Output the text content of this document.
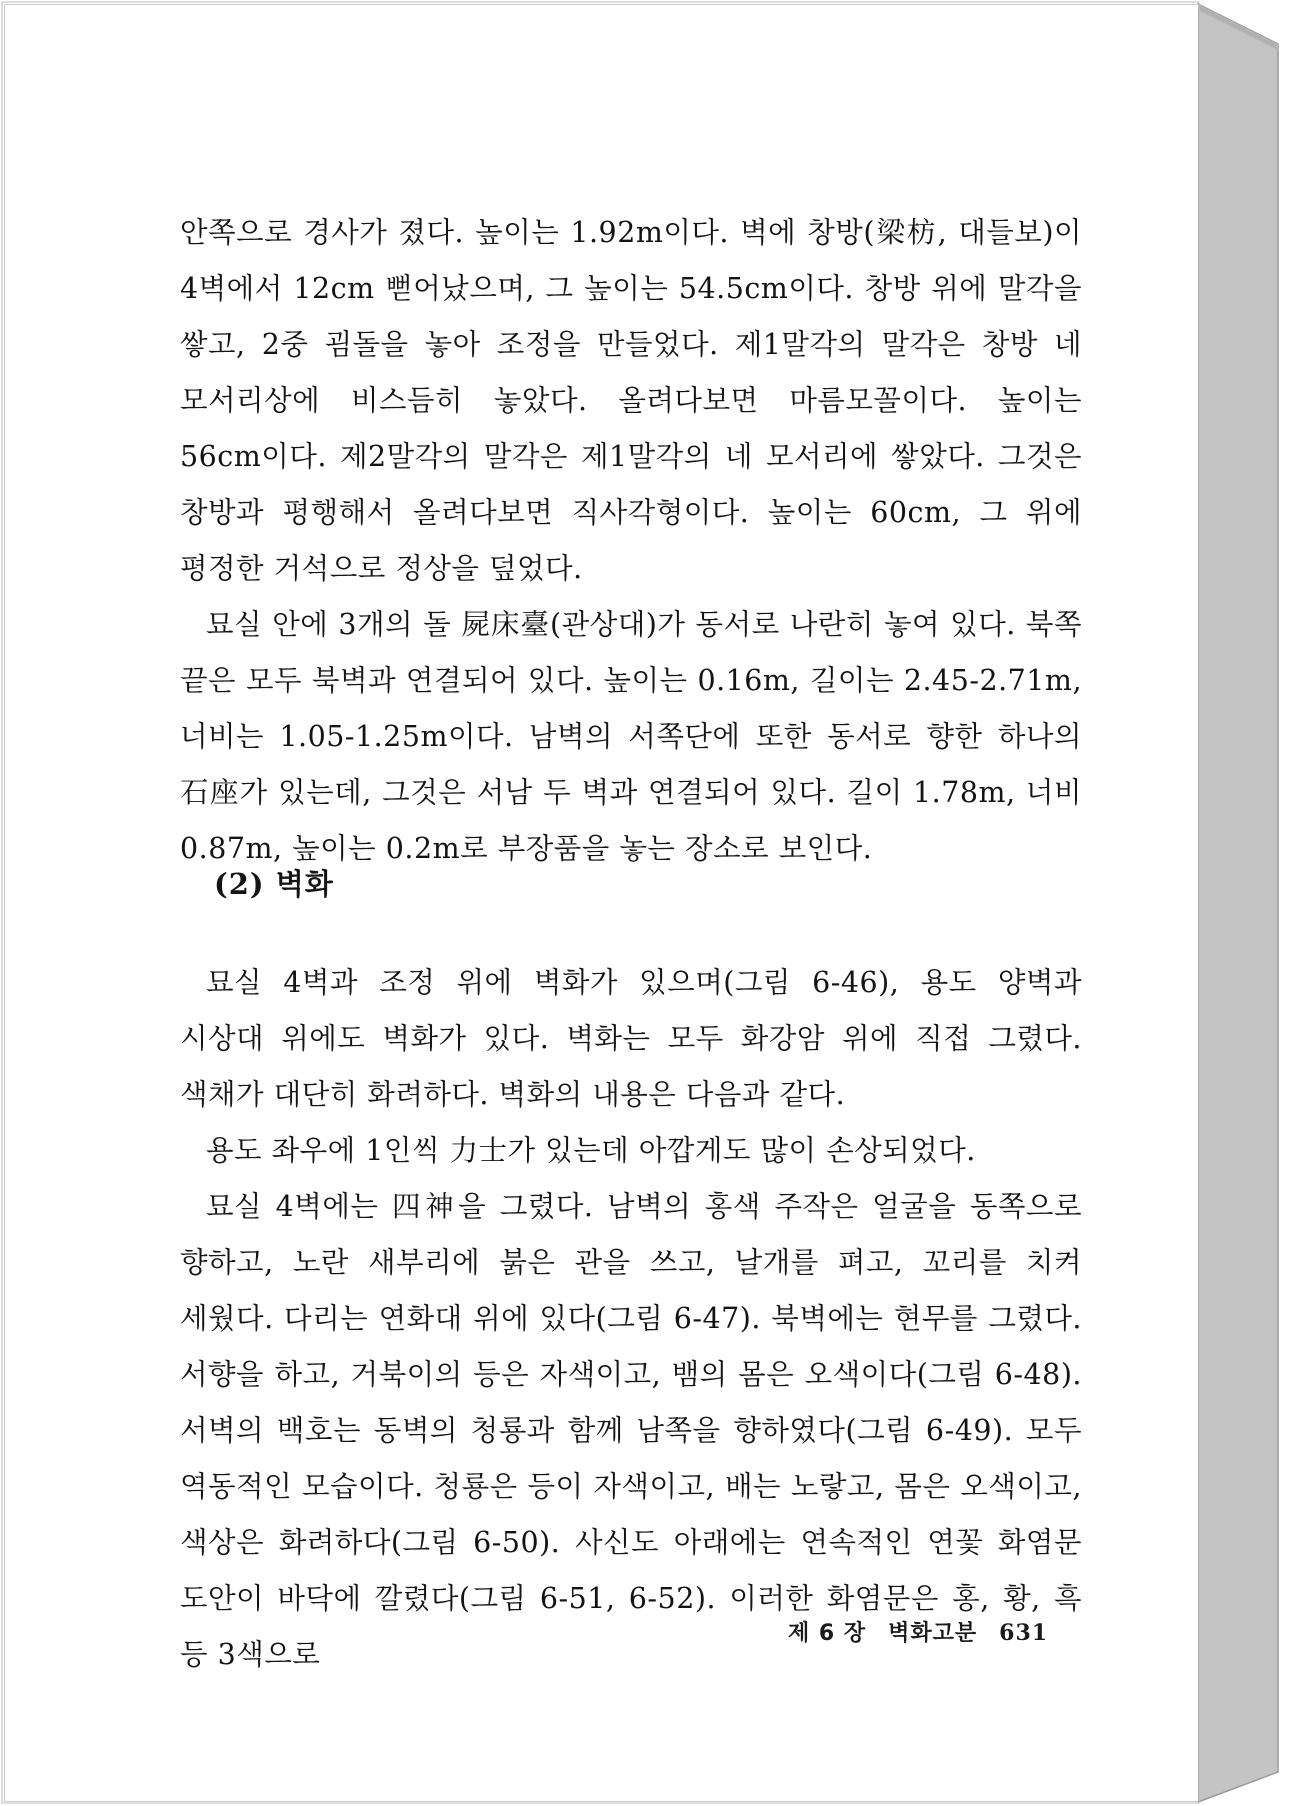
안쪽으로 경사가 졌다. 높이는 1.92m이다. 벽에 창방(梁枋, 대들보)이 4벽에서 12cm 뻗어났으며, 그 높이는 54.5cm이다. 창방 위에 말각을 쌓고, 2중 굄돌을 놓아 조정을 만들었다. 제1말각의 말각은 창방 네 모서리상에 비스듬히 놓았다. 올려다보면 마름모꼴이다. 높이는 56cm이다. 제2말각의 말각은 제1말각의 네 모서리에 쌓았다. 그것은 창방과 평행해서 올려다보면 직사각형이다. 높이는 60cm, 그 위에 평정한 거석으로 정상을 덮었다.

묘실 안에 3개의 돌 屍床臺(관상대)가 동서로 나란히 놓여 있다. 북쪽 끝은 모두 북벽과 연결되어 있다. 높이는 0.16m, 길이는 2.45-2.71m, 너비는 1.05-1.25m이다. 남벽의 서쪽단에 또한 동서로 향한 하나의 石座가 있는데, 그것은 서남 두 벽과 연결되어 있다. 길이 1.78m, 너비 0.87m, 높이는 0.2m로 부장품을 놓는 장소로 보인다.

(2) 벽화

묘실 4벽과 조정 위에 벽화가 있으며(그림 6-46), 용도 양벽과 시상대 위에도 벽화가 있다. 벽화는 모두 화강암 위에 직접 그렸다. 색채가 대단히 화려하다. 벽화의 내용은 다음과 같다.

용도 좌우에 1인씩 力士가 있는데 아깝게도 많이 손상되었다.

묘실 4벽에는 四神을 그렸다. 남벽의 홍색 주작은 얼굴을 동쪽으로 향하고, 노란 새부리에 붉은 관을 쓰고, 날개를 펴고, 꼬리를 치켜 세웠다. 다리는 연화대 위에 있다(그림 6-47). 북벽에는 현무를 그렸다. 서향을 하고, 거북이의 등은 자색이고, 뱀의 몸은 오색이다(그림 6-48). 서벽의 백호는 동벽의 청룡과 함께 남쪽을 향하였다(그림 6-49). 모두 역동적인 모습이다. 청룡은 등이 자색이고, 배는 노랗고, 몸은 오색이고, 색상은 화려하다(그림 6-50). 사신도 아래에는 연속적인 연꽃 화염문 도안이 바닥에 깔렸다(그림 6-51, 6-52). 이러한 화염문은 홍, 황, 흑 등 3색으로

제 6 장 벽화고분 631
